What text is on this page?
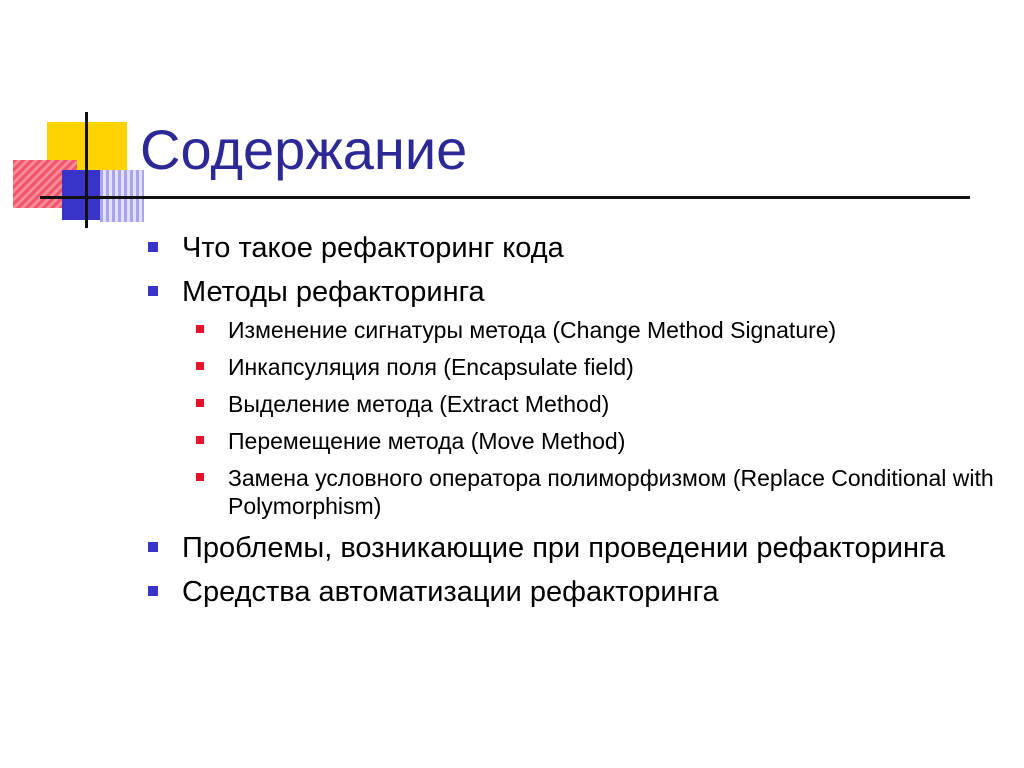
Содержание
Что такое рефакторинг кода
Методы рефакторинга
Изменение сигнатуры метода (Change Method Signature)
Инкапсуляция поля (Encapsulate field)
Выделение метода (Extract Method)
Перемещение метода (Move Method)
Замена условного оператора полиморфизмом (Replace Conditional with Polymorphism)
Проблемы, возникающие при проведении рефакторинга
Средства автоматизации рефакторинга
